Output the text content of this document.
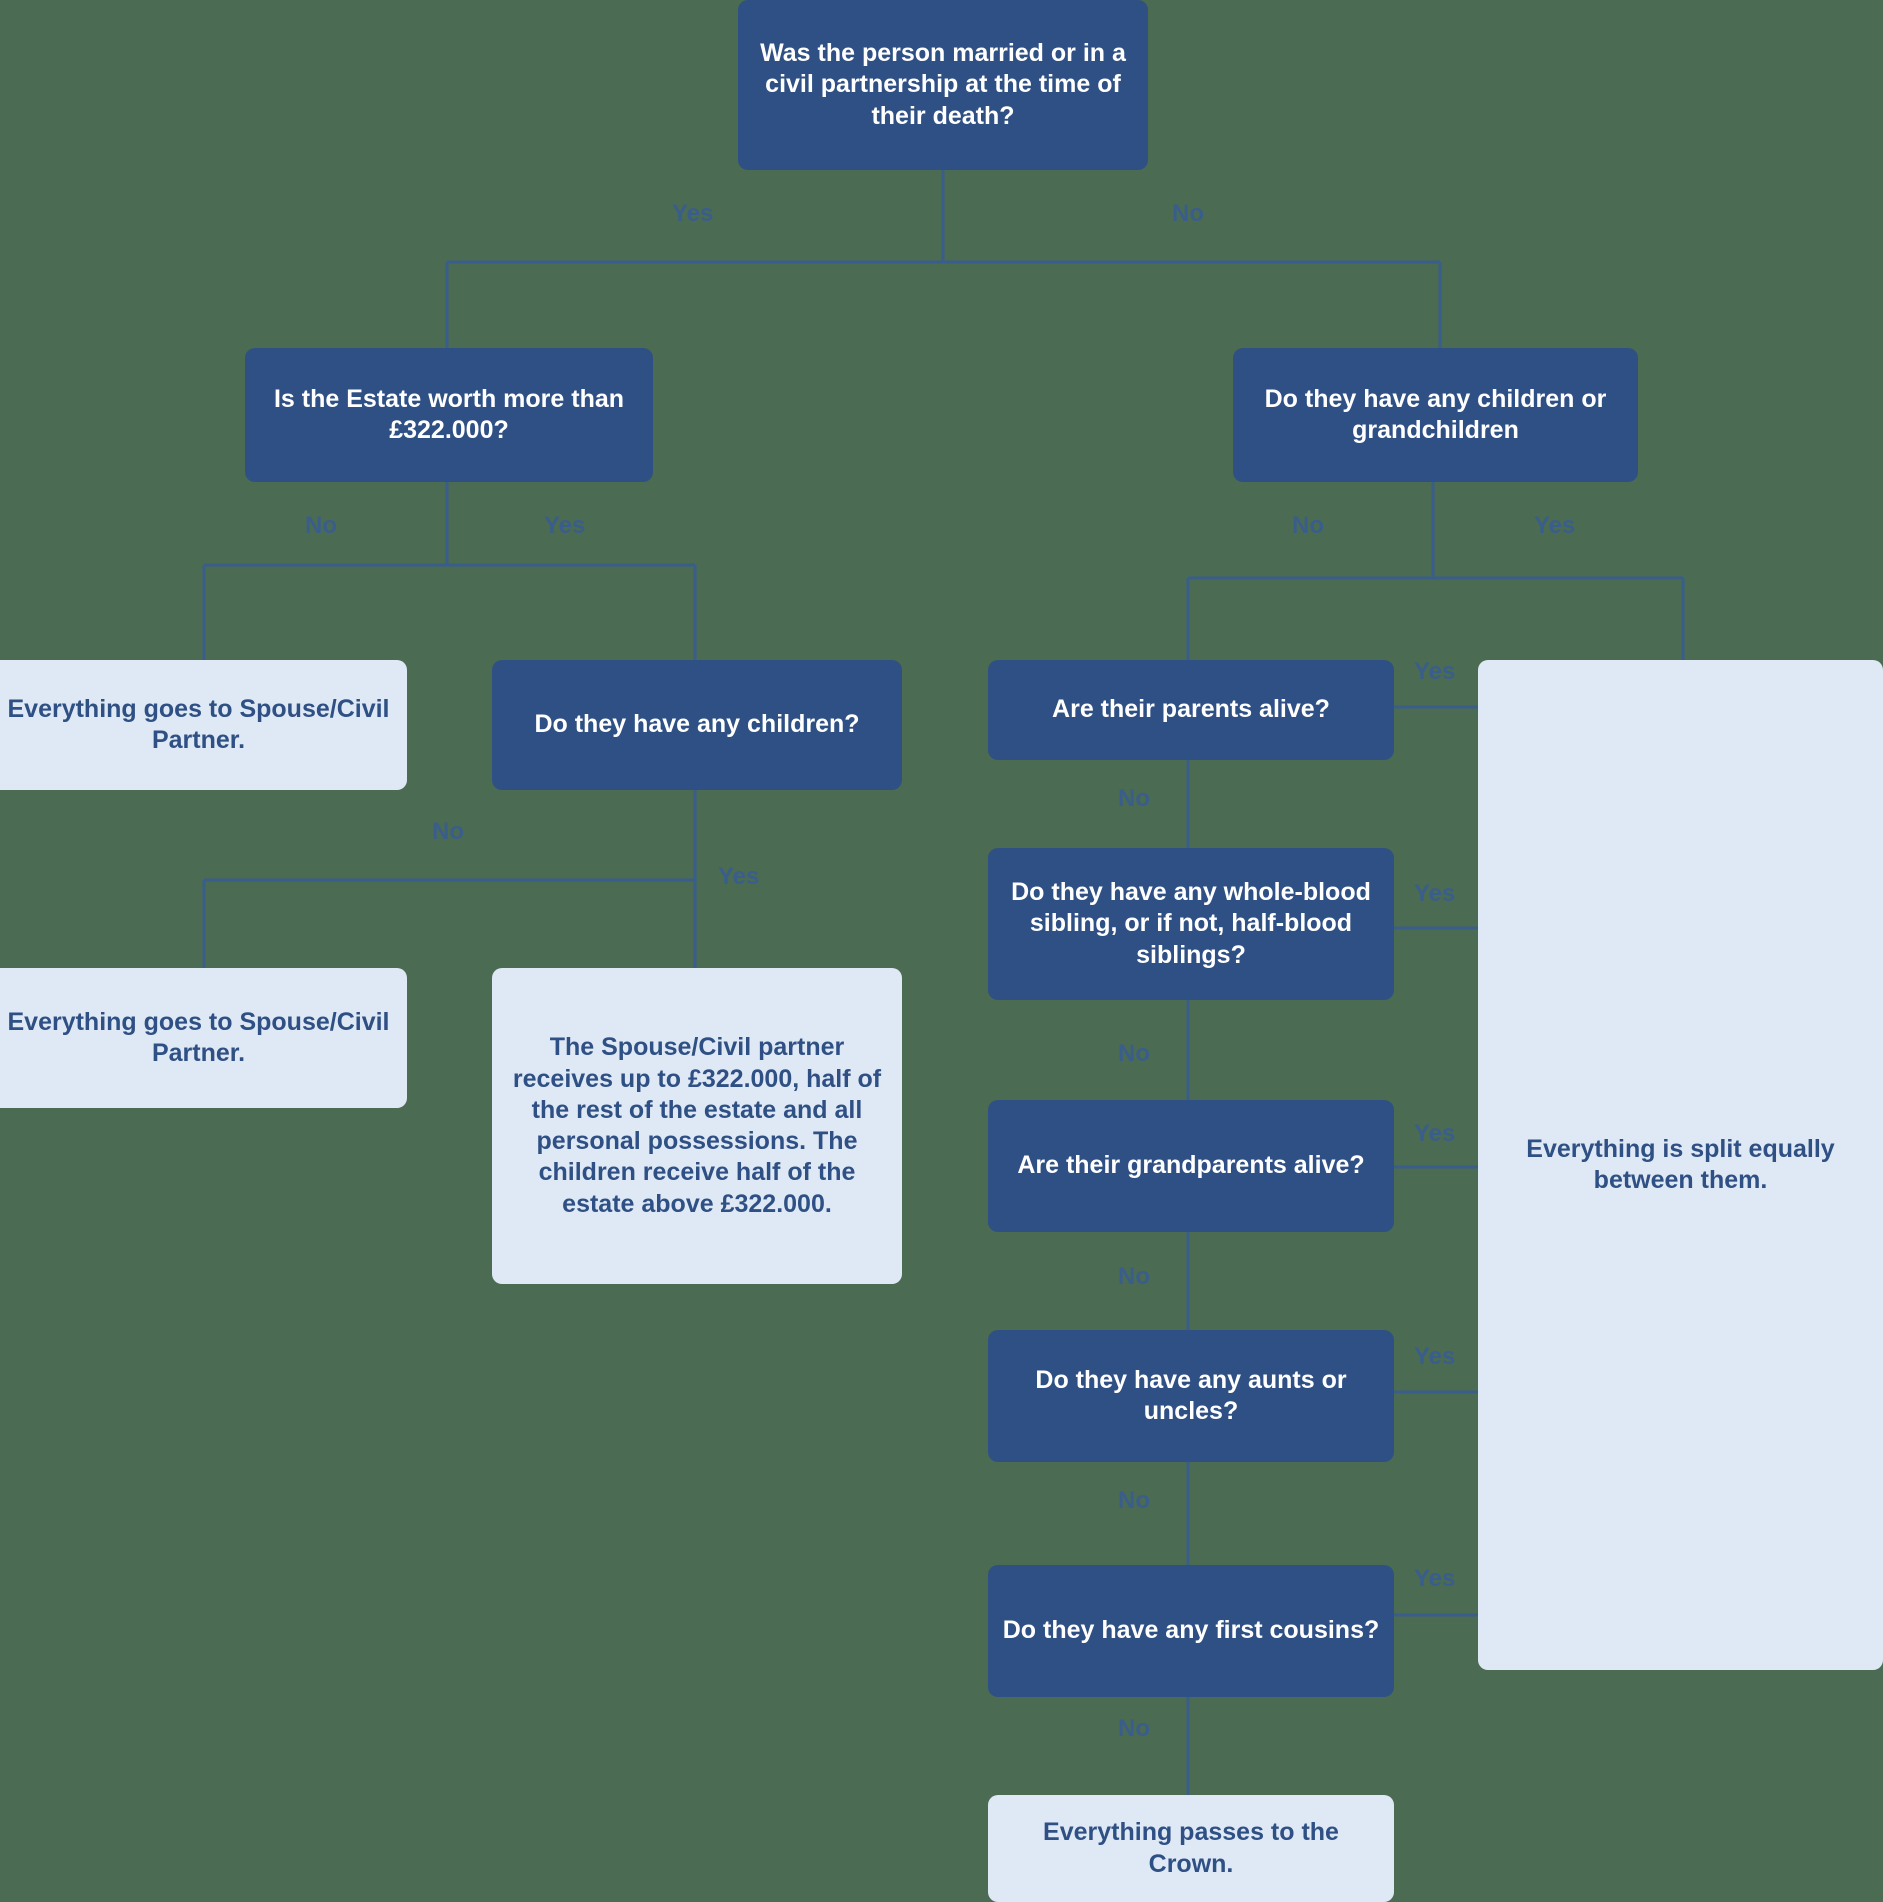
Was the person married or in a civil partnership at the time of their death?
Is the Estate worth more than £322.000?
Do they have any children or grandchildren
Everything goes to Spouse/Civil Partner.
Do they have any children?
Everything goes to Spouse/Civil Partner.	The Spouse/Civil partner receives up to £322.000, half of the rest of the estate and all personal possessions. The children receive half of the estate above £322.000.
Are their parents alive?
Do they have any whole-blood sibling, or if not, half-blood siblings?
Are their grandparents alive?
Do they have any aunts or uncles?
Do they have any first cousins?
Everything is split equally between them.
Everything passes to the Crown.
Yes	No
No	Yes
No
Yes
No	Yes
Yes
No
Yes
No
Yes
No
Yes
No
Yes
No
